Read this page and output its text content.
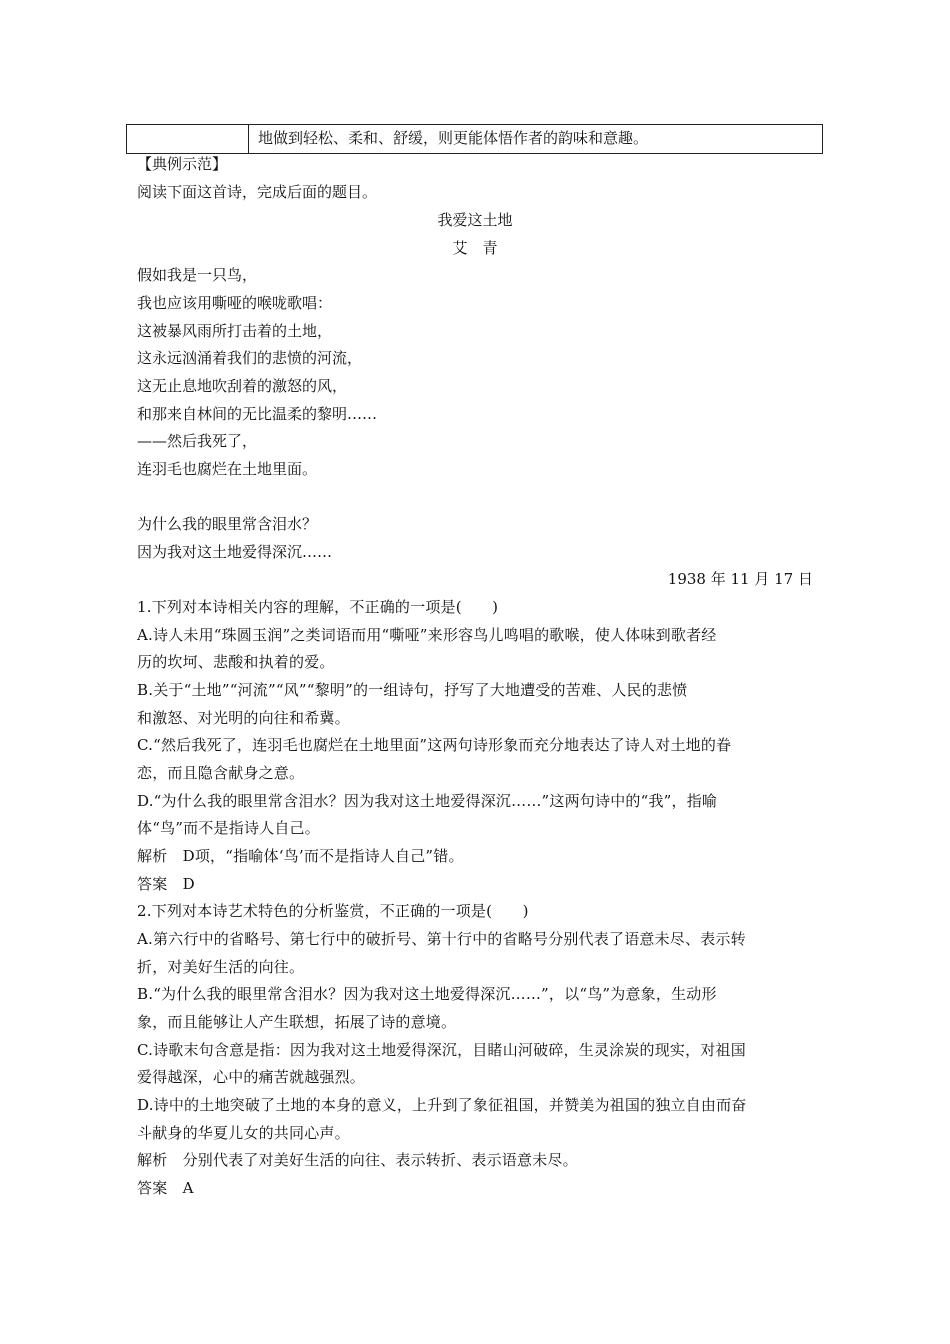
地做到轻松、柔和、舒缓，则更能体悟作者的韵味和意趣。
【典例示范】
阅读下面这首诗，完成后面的题目。
我爱这土地
艾　青
假如我是一只鸟，
我也应该用嘶哑的喉咙歌唱：
这被暴风雨所打击着的土地，
这永远汹涌着我们的悲愤的河流，
这无止息地吹刮着的激怒的风，
和那来自林间的无比温柔的黎明……
——然后我死了，
连羽毛也腐烂在土地里面。
为什么我的眼里常含泪水？
因为我对这土地爱得深沉……
1938 年 11 月 17 日
1.下列对本诗相关内容的理解，不正确的一项是(　　)
A.诗人未用“珠圆玉润”之类词语而用“嘶哑”来形容鸟儿鸣唱的歌喉，使人体味到歌者经
历的坎坷、悲酸和执着的爱。
B.关于“土地”“河流”“风”“黎明”的一组诗句，抒写了大地遭受的苦难、人民的悲愤
和激怒、对光明的向往和希冀。
C.“然后我死了，连羽毛也腐烂在土地里面”这两句诗形象而充分地表达了诗人对土地的眷
恋，而且隐含献身之意。
D.“为什么我的眼里常含泪水？因为我对这土地爱得深沉……”这两句诗中的“我”，指喻
体“鸟”而不是指诗人自己。
解析　D项，“指喻体‘鸟’而不是指诗人自己”错。
答案　D
2.下列对本诗艺术特色的分析鉴赏，不正确的一项是(　　)
A.第六行中的省略号、第七行中的破折号、第十行中的省略号分别代表了语意未尽、表示转
折，对美好生活的向往。
B.“为什么我的眼里常含泪水？因为我对这土地爱得深沉……”，以“鸟”为意象，生动形
象，而且能够让人产生联想，拓展了诗的意境。
C.诗歌末句含意是指：因为我对这土地爱得深沉，目睹山河破碎，生灵涂炭的现实，对祖国
爱得越深，心中的痛苦就越强烈。
D.诗中的土地突破了土地的本身的意义，上升到了象征祖国，并赞美为祖国的独立自由而奋
斗献身的华夏儿女的共同心声。
解析　分别代表了对美好生活的向往、表示转折、表示语意未尽。
答案　A
